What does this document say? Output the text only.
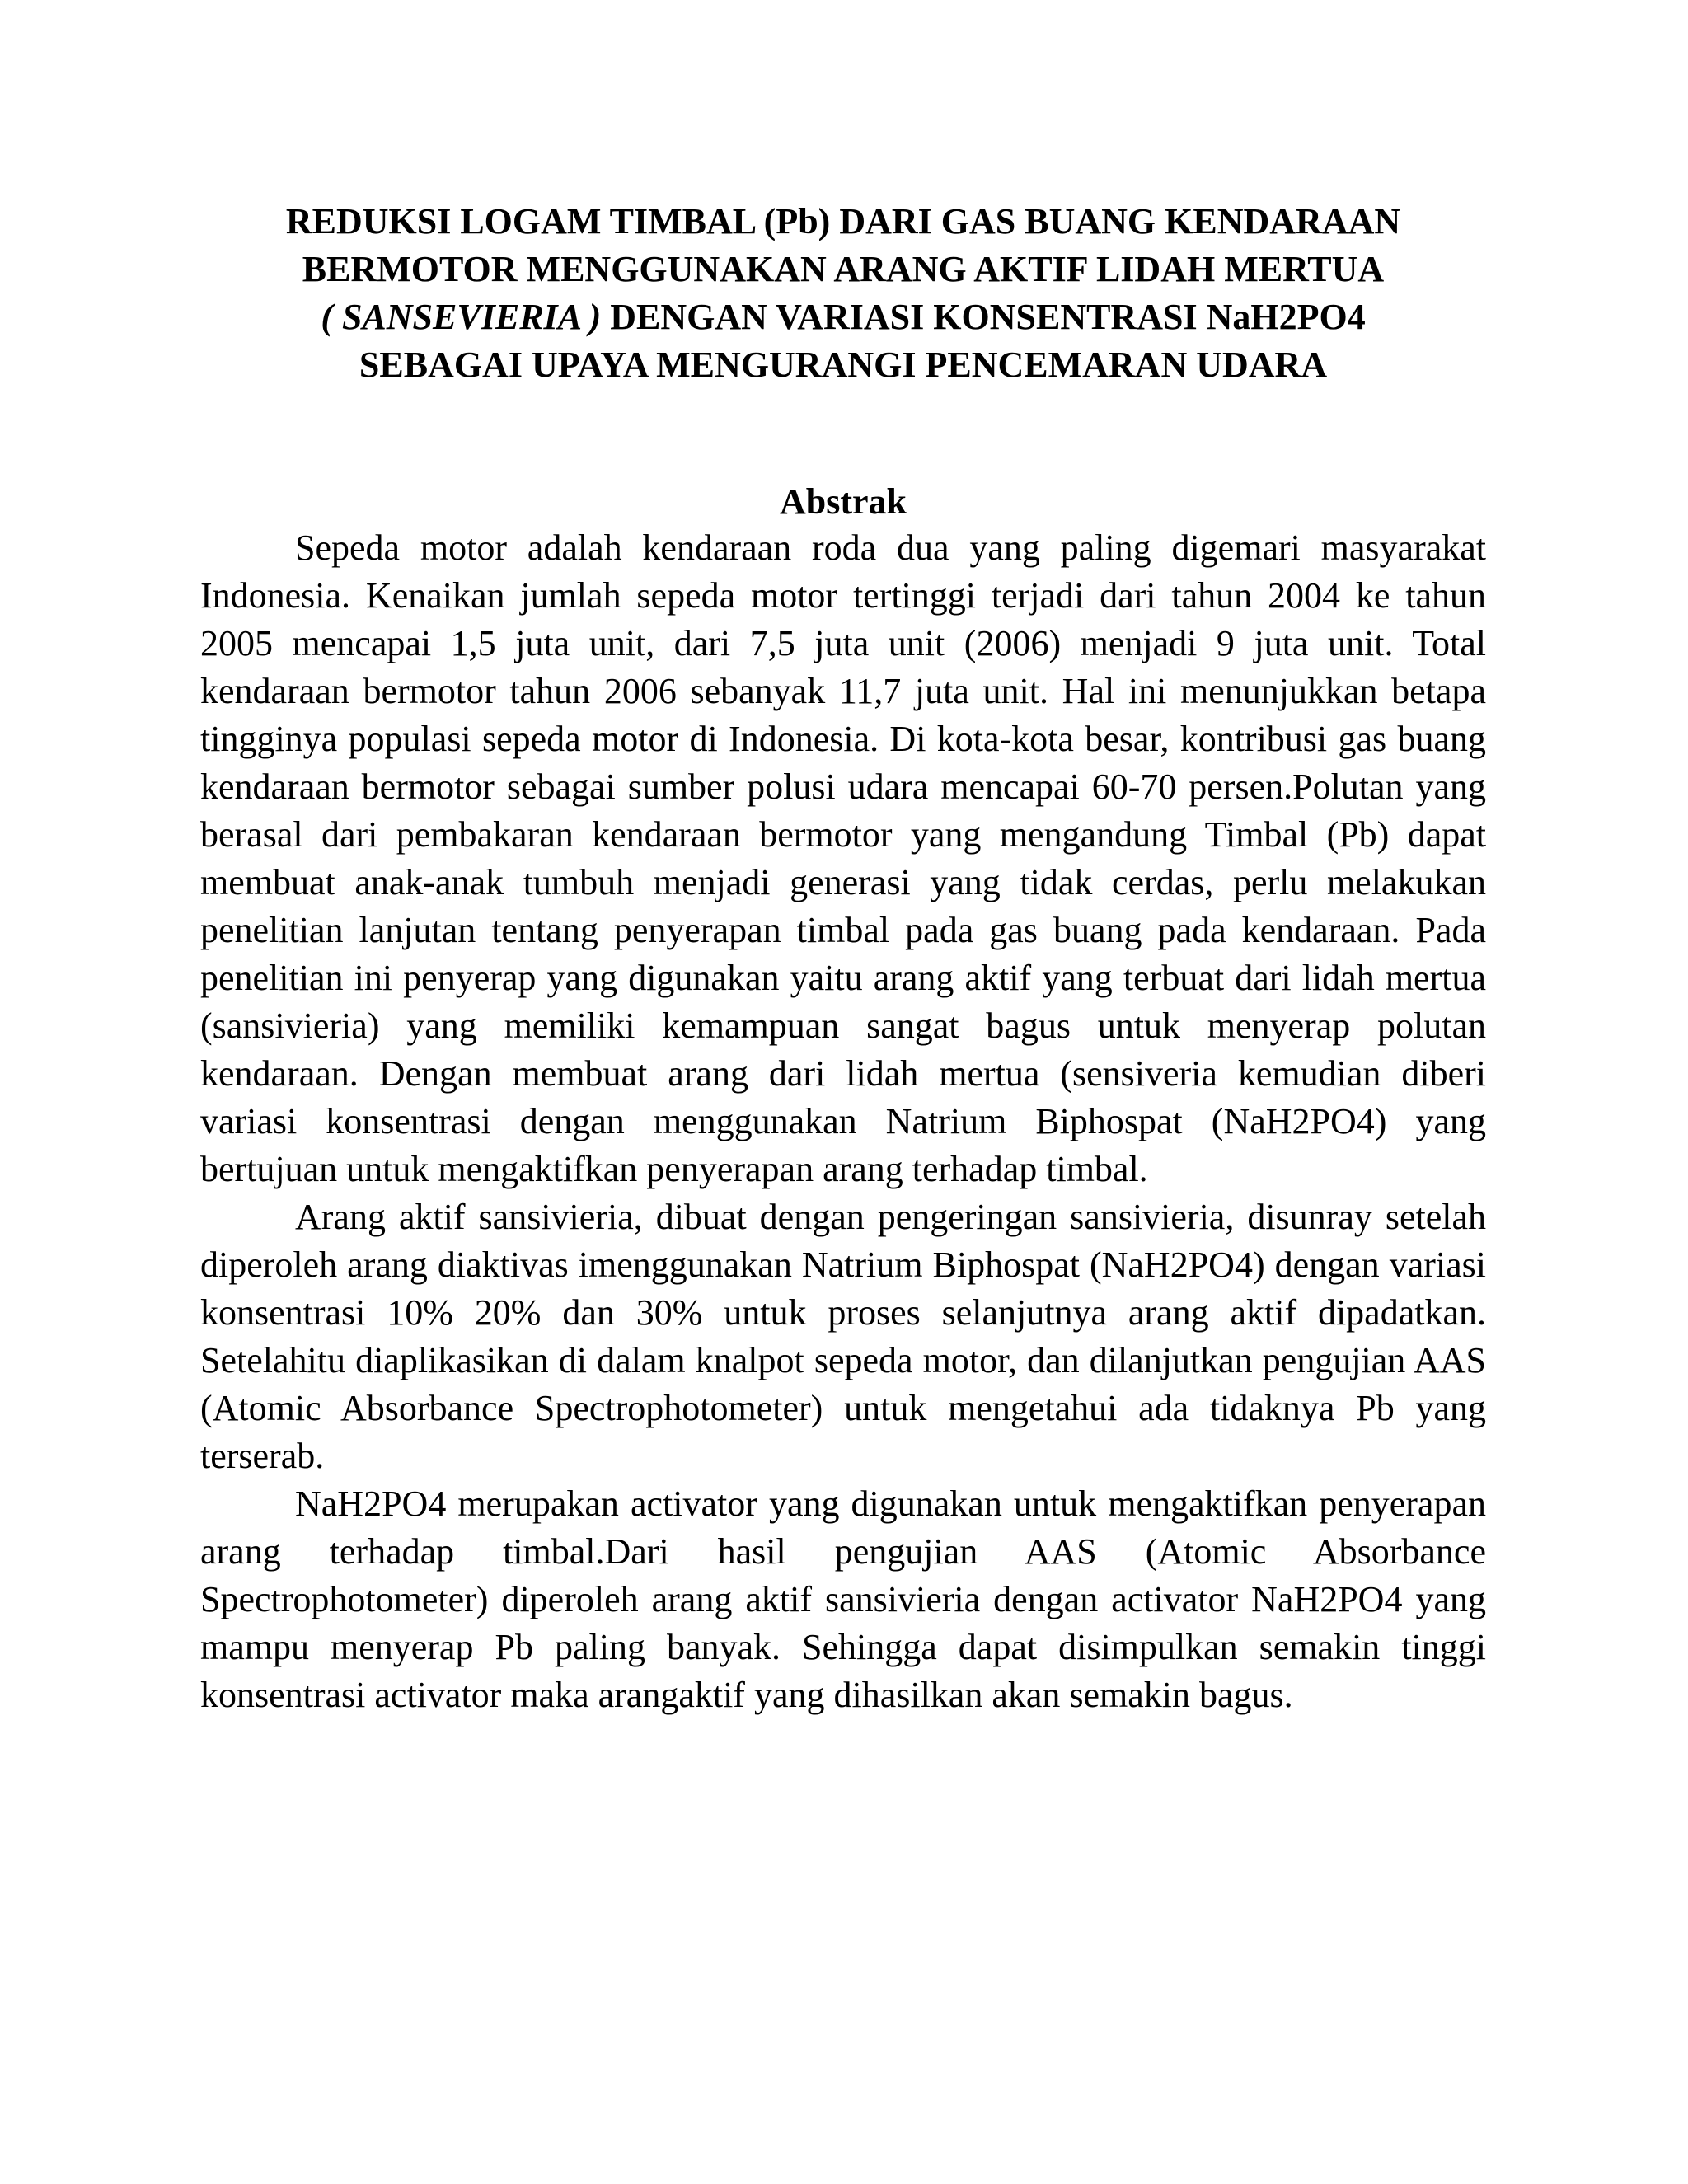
REDUKSI LOGAM TIMBAL (Pb) DARI GAS BUANG KENDARAAN
BERMOTOR MENGGUNAKAN ARANG AKTIF LIDAH MERTUA
( SANSEVIERIA ) DENGAN VARIASI KONSENTRASI NaH2PO4
SEBAGAI UPAYA MENGURANGI PENCEMARAN UDARA
Abstrak

Sepeda motor adalah kendaraan roda dua yang paling digemari masyarakat Indonesia. Kenaikan jumlah sepeda motor tertinggi terjadi dari tahun 2004 ke tahun 2005 mencapai 1,5 juta unit, dari 7,5 juta unit (2006) menjadi 9 juta unit. Total kendaraan bermotor tahun 2006 sebanyak 11,7 juta unit. Hal ini menunjukkan betapa tingginya populasi sepeda motor di Indonesia. Di kota-kota besar, kontribusi gas buang kendaraan bermotor sebagai sumber polusi udara mencapai 60-70 persen.Polutan yang berasal dari pembakaran kendaraan bermotor yang mengandung Timbal (Pb) dapat membuat anak-anak tumbuh menjadi generasi yang tidak cerdas, perlu melakukan penelitian lanjutan tentang penyerapan timbal pada gas buang pada kendaraan. Pada penelitian ini penyerap yang digunakan yaitu arang aktif yang terbuat dari lidah mertua (sansivieria) yang memiliki kemampuan sangat bagus untuk menyerap polutan kendaraan. Dengan membuat arang dari lidah mertua (sensiveria kemudian diberi variasi konsentrasi dengan menggunakan Natrium Biphospat (NaH2PO4) yang bertujuan untuk mengaktifkan penyerapan arang terhadap timbal.

Arang aktif sansivieria, dibuat dengan pengeringan sansivieria, disunray setelah diperoleh arang diaktivas imenggunakan Natrium Biphospat (NaH2PO4) dengan variasi konsentrasi 10% 20% dan 30% untuk proses selanjutnya arang aktif dipadatkan. Setelahitu diaplikasikan di dalam knalpot sepeda motor, dan dilanjutkan pengujian AAS (Atomic Absorbance Spectrophotometer) untuk mengetahui ada tidaknya Pb yang terserab.

NaH2PO4 merupakan activator yang digunakan untuk mengaktifkan penyerapan arang terhadap timbal.Dari hasil pengujian AAS (Atomic Absorbance Spectrophotometer) diperoleh arang aktif sansivieria dengan activator NaH2PO4 yang mampu menyerap Pb paling banyak. Sehingga dapat disimpulkan semakin tinggi konsentrasi activator maka arangaktif yang dihasilkan akan semakin bagus.
